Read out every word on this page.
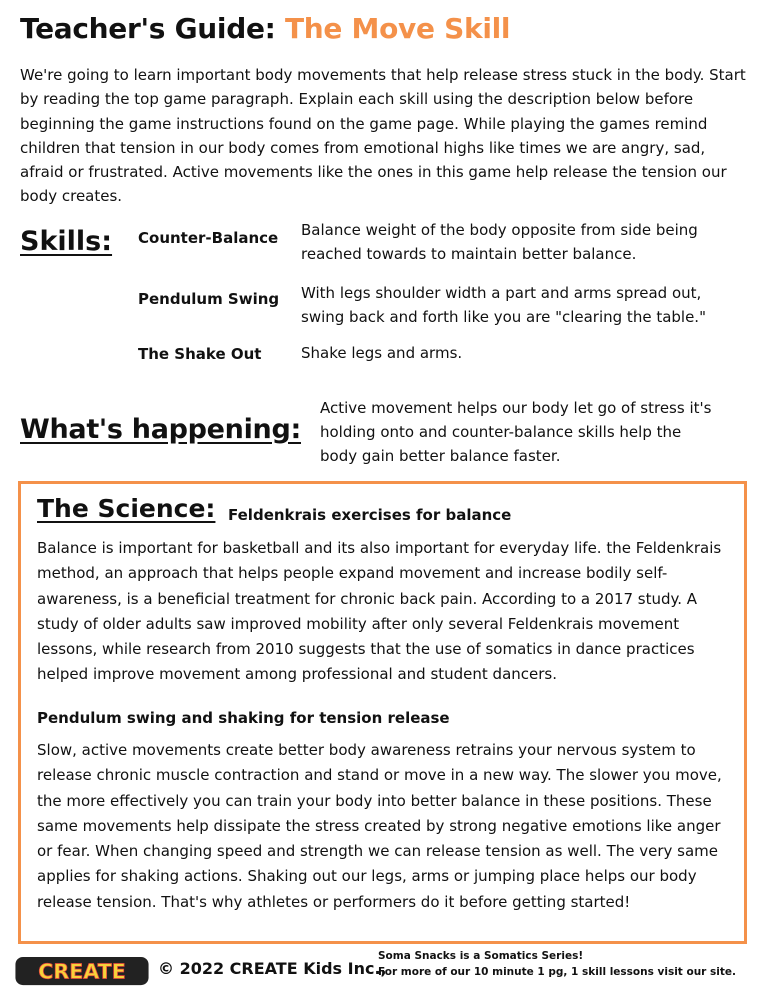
Teacher's Guide: The Move Skill

We're going to learn important body movements that help release stress stuck in the body. Start by reading the top game paragraph. Explain each skill using the description below before beginning the game instructions found on the game page. While playing the games remind children that tension in our body comes from emotional highs like times we are angry, sad, afraid or frustrated. Active movements like the ones in this game help release the tension our body creates.

Skills: Counter-Balance Balance weight of the body opposite from side being reached towards to maintain better balance.
Pendulum Swing With legs shoulder width a part and arms spread out, swing back and forth like you are "clearing the table."
The Shake Out	Shake legs and arms.
What's happening:
Active movement helps our body let go of stress it's holding onto and counter-balance skills help the body gain better balance faster.
The Science: Feldenkrais exercises for balance

Balance is important for basketball and its also important for everyday life. the Feldenkrais method, an approach that helps people expand movement and increase bodily self-awareness, is a beneficial treatment for chronic back pain. According to a 2017 study. A study of older adults saw improved mobility after only several Feldenkrais movement lessons, while research from 2010 suggests that the use of somatics in dance practices helped improve movement among professional and student dancers.

Pendulum swing and shaking for tension release

Slow, active movements create better body awareness retrains your nervous system to release chronic muscle contraction and stand or move in a new way. The slower you move, the more effectively you can train your body into better balance in these positions. These same movements help dissipate the stress created by strong negative emotions like anger or fear. When changing speed and strength we can release tension as well. The very same applies for shaking actions. Shaking out our legs, arms or jumping place helps our body release tension. That's why athletes or performers do it before getting started!

CREATE © 2022 CREATE Kids Inc.,
Soma Snacks is a Somatics Series!
For more of our 10 minute 1 pg, 1 skill lessons visit our site.
